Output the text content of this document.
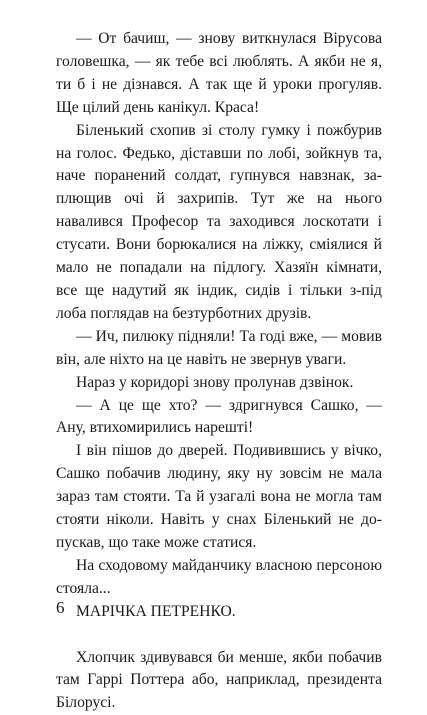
— От бачиш, — знову виткнулася Вірусова головешка, — як тебе всі люблять. А якби не я, ти б і не дізнався. А так ще й уроки прогуляв. Ще цілий день канікул. Краса!

Біленький схопив зі столу гумку і пожбурив на голос. Федько, діставши по лобі, зойкнув та, наче поранений солдат, гупнувся навзнак, заплющив очі й захрипів. Тут же на нього навалився Професор та заходився лоскотати і стусати. Вони борюкалися на ліжку, сміялися й мало не попадали на підлогу. Хазяїн кімнати, все ще надутий як індик, сидів і тільки з-під лоба поглядав на безтурботних друзів.

— Ич, пилюку підняли! Та годі вже, — мовив він, але ніхто на це навіть не звернув уваги.

Нараз у коридорі знову пролунав дзвінок.

— А це ще хто? — здригнувся Сашко, — Ану, втихомирились нарешті!

І він пішов до дверей. Подивившись у вічко, Сашко побачив людину, яку ну зовсім не мала зараз там стояти. Та й узагалі вона не могла там стояти ніколи. Навіть у снах Біленький не допускав, що таке може статися.

На сходовому майданчику власною персоною стояла...

МАРІЧКА ПЕТРЕНКО.

Хлопчик здивувався би менше, якби побачив там Гаррі Поттера або, наприклад, президента Білорусі.

6
